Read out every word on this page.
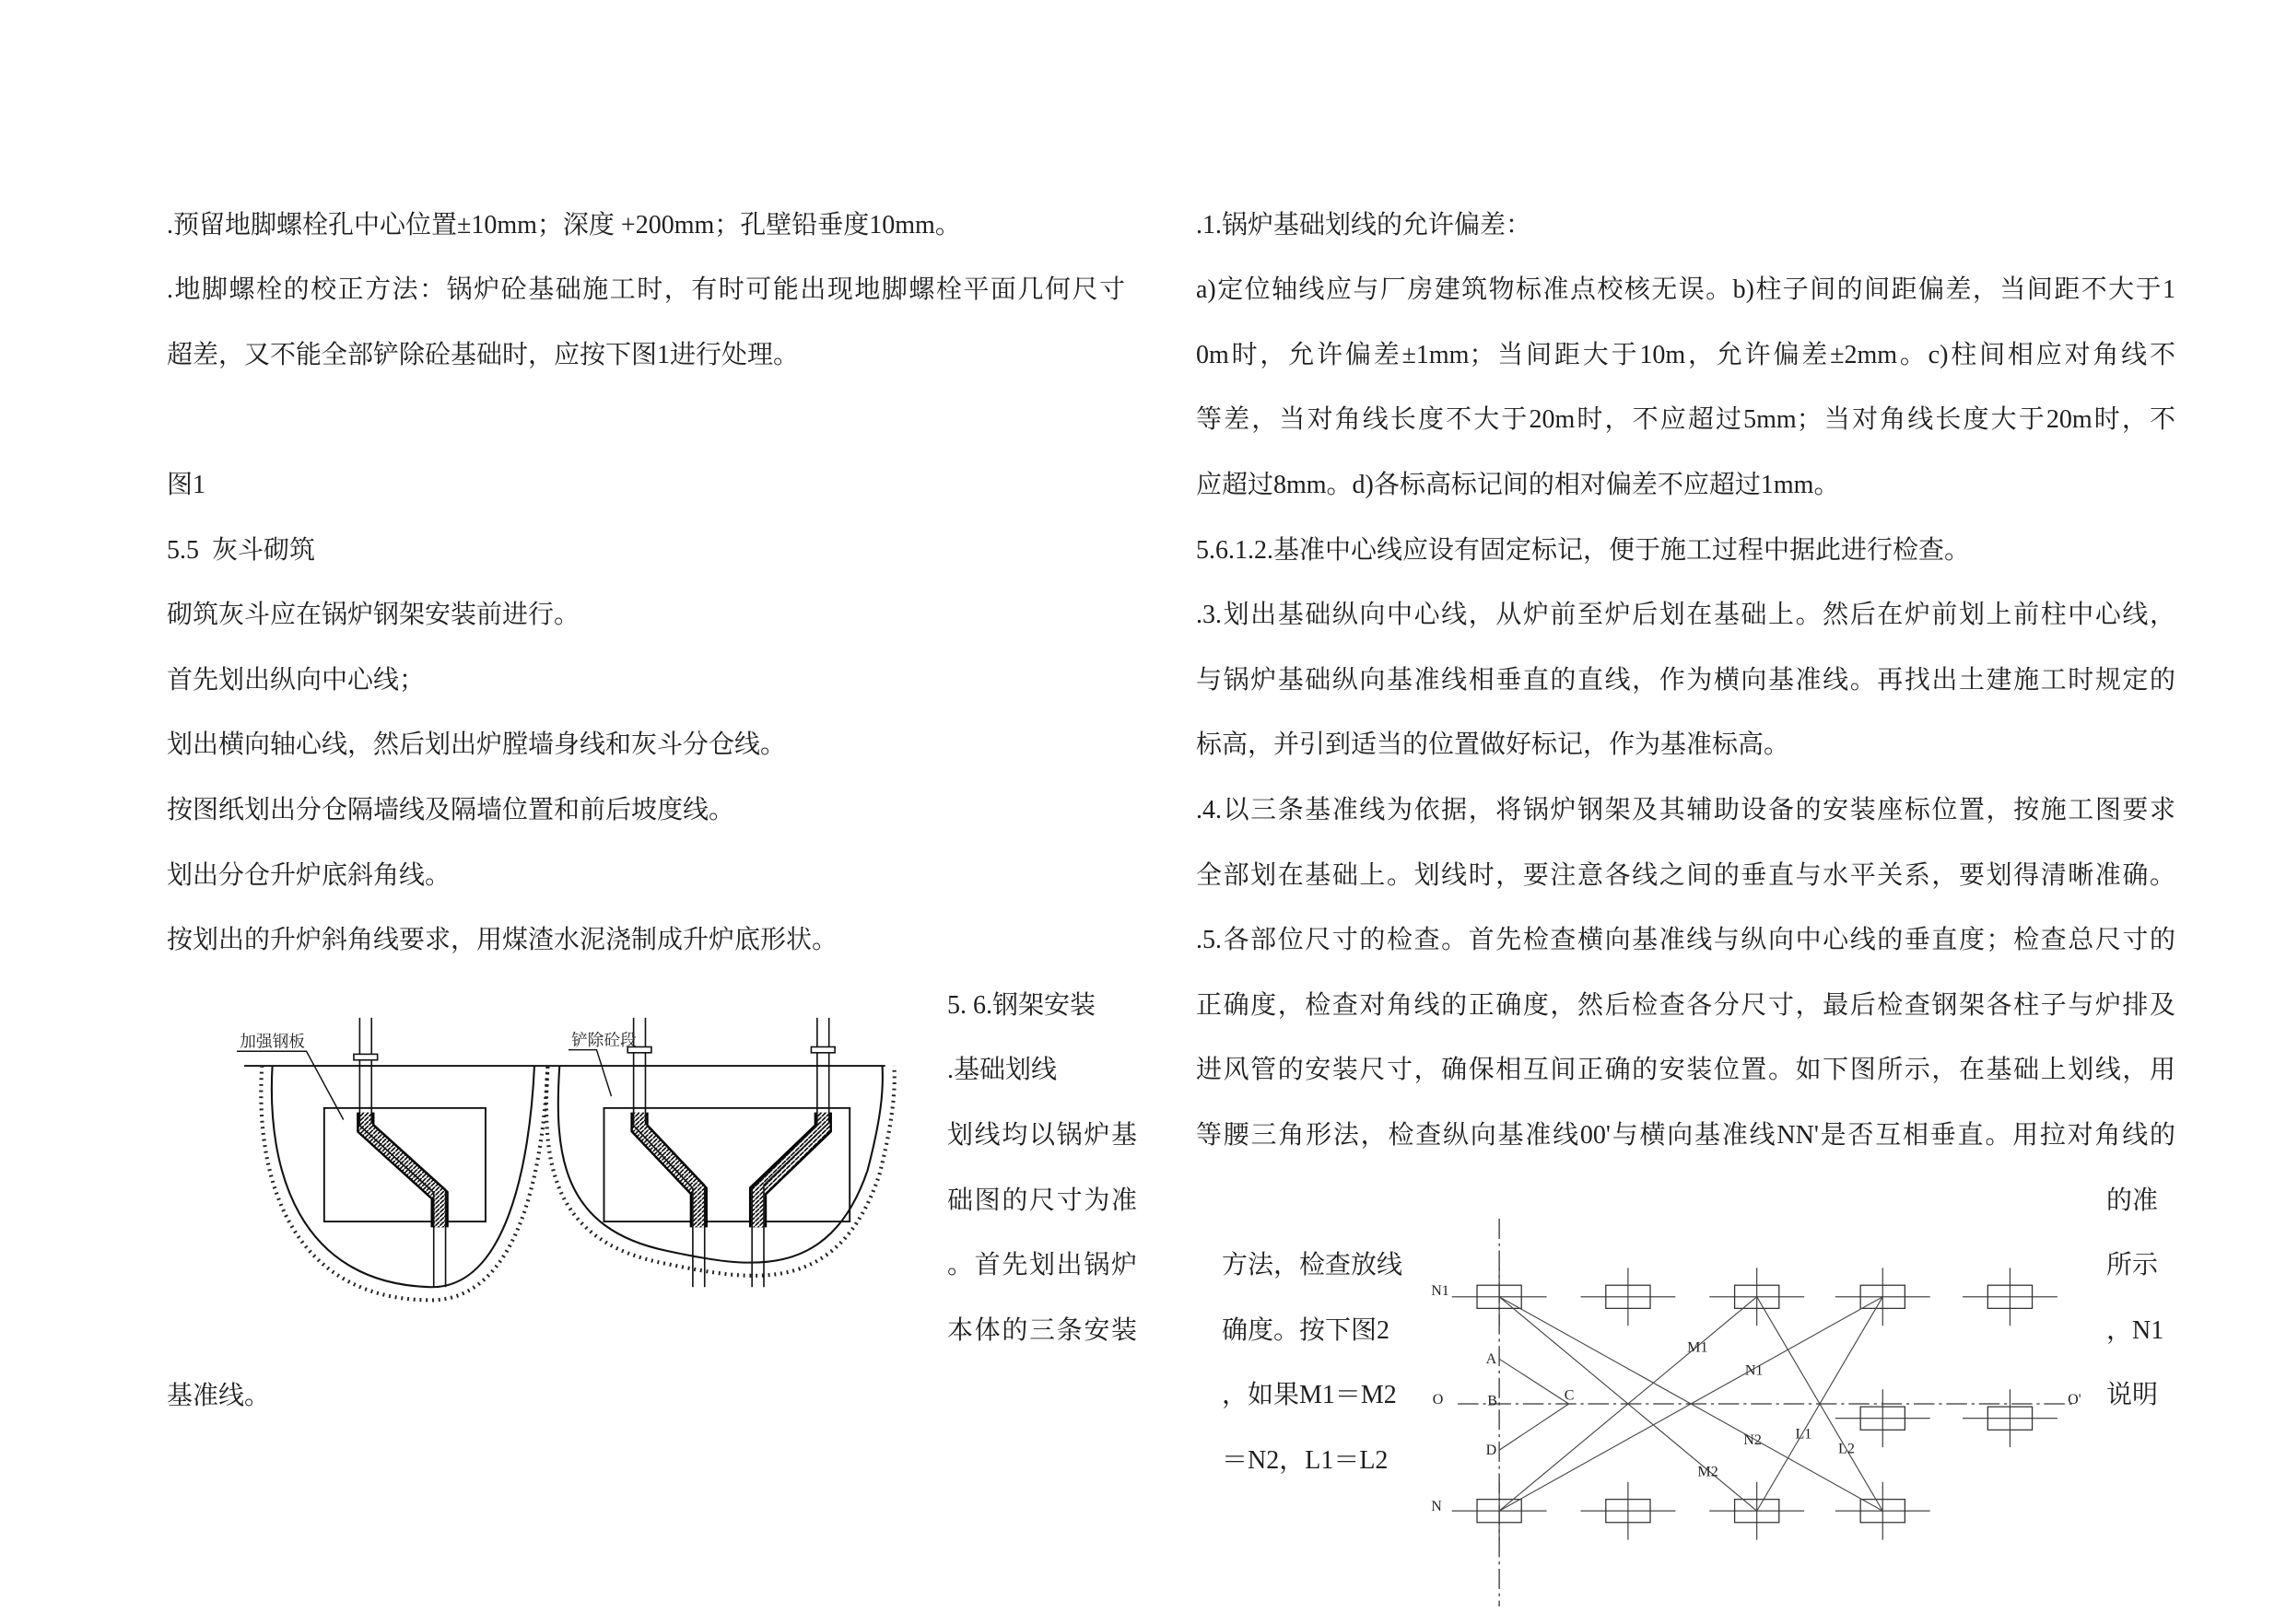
.预留地脚螺栓孔中心位置±10mm；深度 +200mm；孔壁铅垂度10mm。
.地脚螺栓的校正方法：锅炉砼基础施工时，有时可能出现地脚螺栓平面几何尺寸
超差，又不能全部铲除砼基础时，应按下图1进行处理。
图1
5.5  灰斗砌筑
砌筑灰斗应在锅炉钢架安装前进行。
首先划出纵向中心线；
划出横向轴心线，然后划出炉膛墙身线和灰斗分仓线。
按图纸划出分仓隔墙线及隔墙位置和前后坡度线。
划出分仓升炉底斜角线。
按划出的升炉斜角线要求，用煤渣水泥浇制成升炉底形状。
加强钢板	铲除砼段
5. 6.钢架安装
.基础划线
划线均以锅炉基
础图的尺寸为准
。首先划出锅炉
本体的三条安装
基准线。
.1.锅炉基础划线的允许偏差：
a)定位轴线应与厂房建筑物标准点校核无误。b)柱子间的间距偏差，当间距不大于1
0m时，允许偏差±1mm；当间距大于10m，允许偏差±2mm。c)柱间相应对角线不
等差，当对角线长度不大于20m时，不应超过5mm；当对角线长度大于20m时，不
应超过8mm。d)各标高标记间的相对偏差不应超过1mm。
5.6.1.2.基准中心线应设有固定标记，便于施工过程中据此进行检查。
.3.划出基础纵向中心线，从炉前至炉后划在基础上。然后在炉前划上前柱中心线，
与锅炉基础纵向基准线相垂直的直线，作为横向基准线。再找出土建施工时规定的
标高，并引到适当的位置做好标记，作为基准标高。
.4.以三条基准线为依据，将锅炉钢架及其辅助设备的安装座标位置，按施工图要求
全部划在基础上。划线时，要注意各线之间的垂直与水平关系，要划得清晰准确。
.5.各部位尺寸的检查。首先检查横向基准线与纵向中心线的垂直度；检查总尺寸的
正确度，检查对角线的正确度，然后检查各分尺寸，最后检查钢架各柱子与炉排及
进风管的安装尺寸，确保相互间正确的安装位置。如下图所示，在基础上划线，用
等腰三角形法，检查纵向基准线00'与横向基准线NN'是否互相垂直。用拉对角线的

方法，检查放线

的准

确度。按下图2

所示

，如果M1＝M2

，N1

＝N2，L1＝L2

说明

N1
N
O	O'
A
B	C
D
M1
N1
N2
M2
L1
L2
